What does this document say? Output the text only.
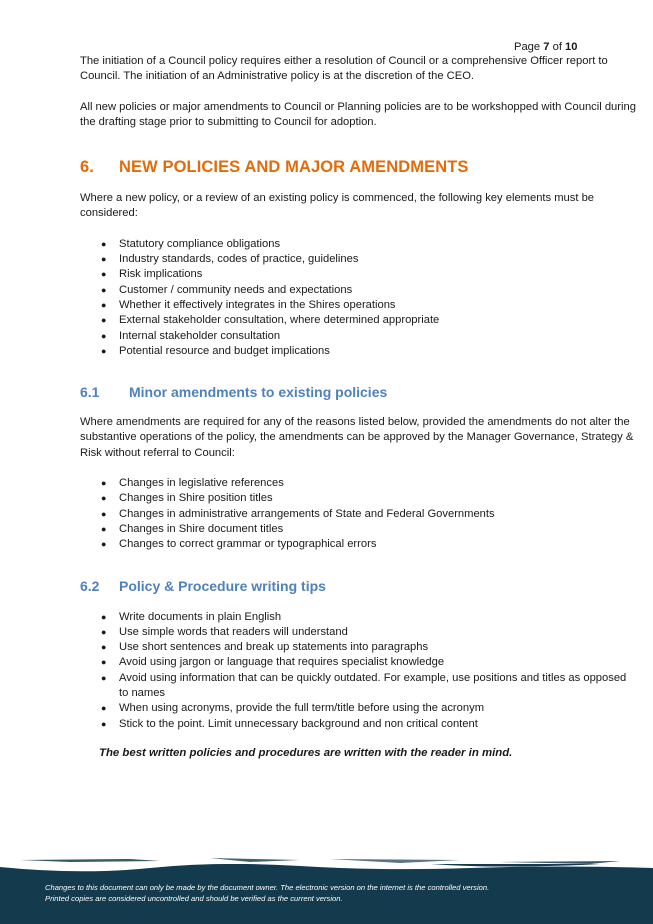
Page 7 of 10

The initiation of a Council policy requires either a resolution of Council or a comprehensive Officer report to Council. The initiation of an Administrative policy is at the discretion of the CEO.

All new policies or major amendments to Council or Planning policies are to be workshopped with Council during the drafting stage prior to submitting to Council for adoption.

6. NEW POLICIES AND MAJOR AMENDMENTS

Where a new policy, or a review of an existing policy is commenced, the following key elements must be considered:

● Statutory compliance obligations
● Industry standards, codes of practice, guidelines
● Risk implications
● Customer / community needs and expectations
● Whether it effectively integrates in the Shires operations
● External stakeholder consultation, where determined appropriate
● Internal stakeholder consultation
● Potential resource and budget implications
6.1 Minor amendments to existing policies

Where amendments are required for any of the reasons listed below, provided the amendments do not alter the substantive operations of the policy, the amendments can be approved by the Manager Governance, Strategy & Risk without referral to Council:

● Changes in legislative references
● Changes in Shire position titles
● Changes in administrative arrangements of State and Federal Governments
● Changes in Shire document titles
● Changes to correct grammar or typographical errors
6.2 Policy & Procedure writing tips
● Write documents in plain English
● Use simple words that readers will understand
● Use short sentences and break up statements into paragraphs
● Avoid using jargon or language that requires specialist knowledge
● Avoid using information that can be quickly outdated. For example, use positions and titles as opposed to names
● When using acronyms, provide the full term/title before using the acronym
● Stick to the point. Limit unnecessary background and non critical content

The best written policies and procedures are written with the reader in mind.

Changes to this document can only be made by the document owner. The electronic version on the internet is the controlled version.
Printed copies are considered uncontrolled and should be verified as the current version.
